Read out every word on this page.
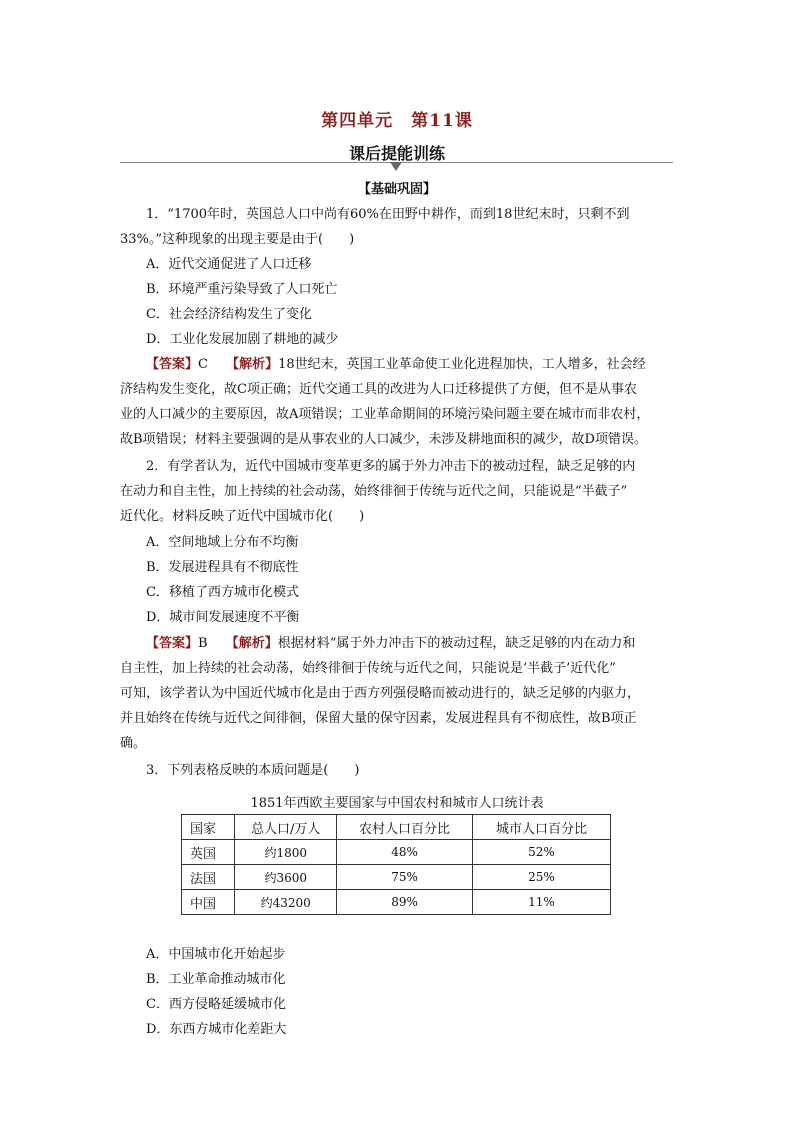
第四单元 第11课
课后提能训练
【基础巩固】
1．“1700年时，英国总人口中尚有60%在田野中耕作，而到18世纪末时，只剩不到
33%。”这种现象的出现主要是由于(　　)
A．近代交通促进了人口迁移
B．环境严重污染导致了人口死亡
C．社会经济结构发生了变化
D．工业化发展加剧了耕地的减少
【答案】C 【解析】18世纪末，英国工业革命使工业化进程加快，工人增多，社会经
济结构发生变化，故C项正确；近代交通工具的改进为人口迁移提供了方便，但不是从事农
业的人口减少的主要原因，故A项错误；工业革命期间的环境污染问题主要在城市而非农村，
故B项错误；材料主要强调的是从事农业的人口减少，未涉及耕地面积的减少，故D项错误。
2．有学者认为，近代中国城市变革更多的属于外力冲击下的被动过程，缺乏足够的内
在动力和自主性，加上持续的社会动荡，始终徘徊于传统与近代之间，只能说是“半截子”
近代化。材料反映了近代中国城市化(　　)
A．空间地域上分布不均衡
B．发展进程具有不彻底性
C．移植了西方城市化模式
D．城市间发展速度不平衡
【答案】B 【解析】根据材料“属于外力冲击下的被动过程，缺乏足够的内在动力和
自主性，加上持续的社会动荡，始终徘徊于传统与近代之间，只能说是‘半截子’近代化”
可知，该学者认为中国近代城市化是由于西方列强侵略而被动进行的，缺乏足够的内驱力，
并且始终在传统与近代之间徘徊，保留大量的保守因素，发展进程具有不彻底性，故B项正
确。
3．下列表格反映的本质问题是(　　)
1851年西欧主要国家与中国农村和城市人口统计表
国家	总人口/万人	农村人口百分比	城市人口百分比
英国	约1800	48%	52%
法国	约3600	75%	25%
中国	约43200	89%	11%
A．中国城市化开始起步
B．工业革命推动城市化
C．西方侵略延缓城市化
D．东西方城市化差距大
